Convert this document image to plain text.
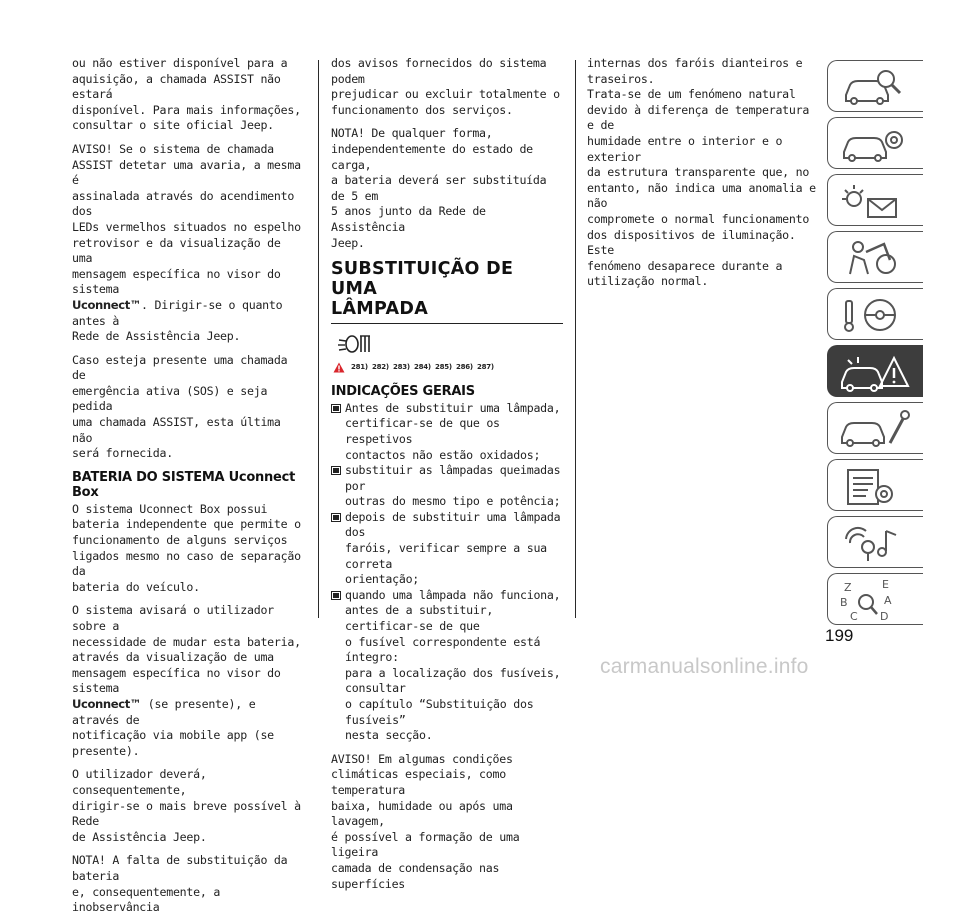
ou não estiver disponível para a
aquisição, a chamada ASSIST não estará
disponível. Para mais informações,
consultar o site oficial Jeep.

AVISO! Se o sistema de chamada
ASSIST detetar uma avaria, a mesma é
assinalada através do acendimento dos
LEDs vermelhos situados no espelho
retrovisor e da visualização de uma
mensagem específica no visor do sistema
Uconnect™. Dirigir-se o quanto antes à
Rede de Assistência Jeep.

Caso esteja presente uma chamada de
emergência ativa (SOS) e seja pedida
uma chamada ASSIST, esta última não
será fornecida.

BATERIA DO SISTEMA Uconnect
Box

O sistema Uconnect Box possui
bateria independente que permite o
funcionamento de alguns serviços
ligados mesmo no caso de separação da
bateria do veículo.

O sistema avisará o utilizador sobre a
necessidade de mudar esta bateria,
através da visualização de uma
mensagem específica no visor do sistema
Uconnect™ (se presente), e através de
notificação via mobile app (se presente).

O utilizador deverá, consequentemente,
dirigir-se o mais breve possível à Rede
de Assistência Jeep.

NOTA! A falta de substituição da bateria
e, consequentemente, a inobservância

dos avisos fornecidos do sistema podem
prejudicar ou excluir totalmente o
funcionamento dos serviços.

NOTA! De qualquer forma,
independentemente do estado de carga,
a bateria deverá ser substituída de 5 em
5 anos junto da Rede de Assistência
Jeep.

SUBSTITUIÇÃO DE UMA
LÂMPADA
281) 282) 283) 284) 285) 286) 287)
INDICAÇÕES GERAIS
Antes de substituir uma lâmpada,
certificar-se de que os respetivos
contactos não estão oxidados;
substituir as lâmpadas queimadas por
outras do mesmo tipo e potência;
depois de substituir uma lâmpada dos
faróis, verificar sempre a sua correta
orientação;
quando uma lâmpada não funciona,
antes de a substituir, certificar-se de que
o fusível correspondente está íntegro:
para a localização dos fusíveis, consultar
o capítulo “Substituição dos fusíveis”
nesta secção.

AVISO! Em algumas condições
climáticas especiais, como temperatura
baixa, humidade ou após uma lavagem,
é possível a formação de uma ligeira
camada de condensação nas superfícies

internas dos faróis dianteiros e traseiros.
Trata-se de um fenómeno natural
devido à diferença de temperatura e de
humidade entre o interior e o exterior
da estrutura transparente que, no
entanto, não indica uma anomalia e não
compromete o normal funcionamento
dos dispositivos de iluminação. Este
fenómeno desaparece durante a
utilização normal.

Z	E
B	A
C D
199
carmanualsonline.info
